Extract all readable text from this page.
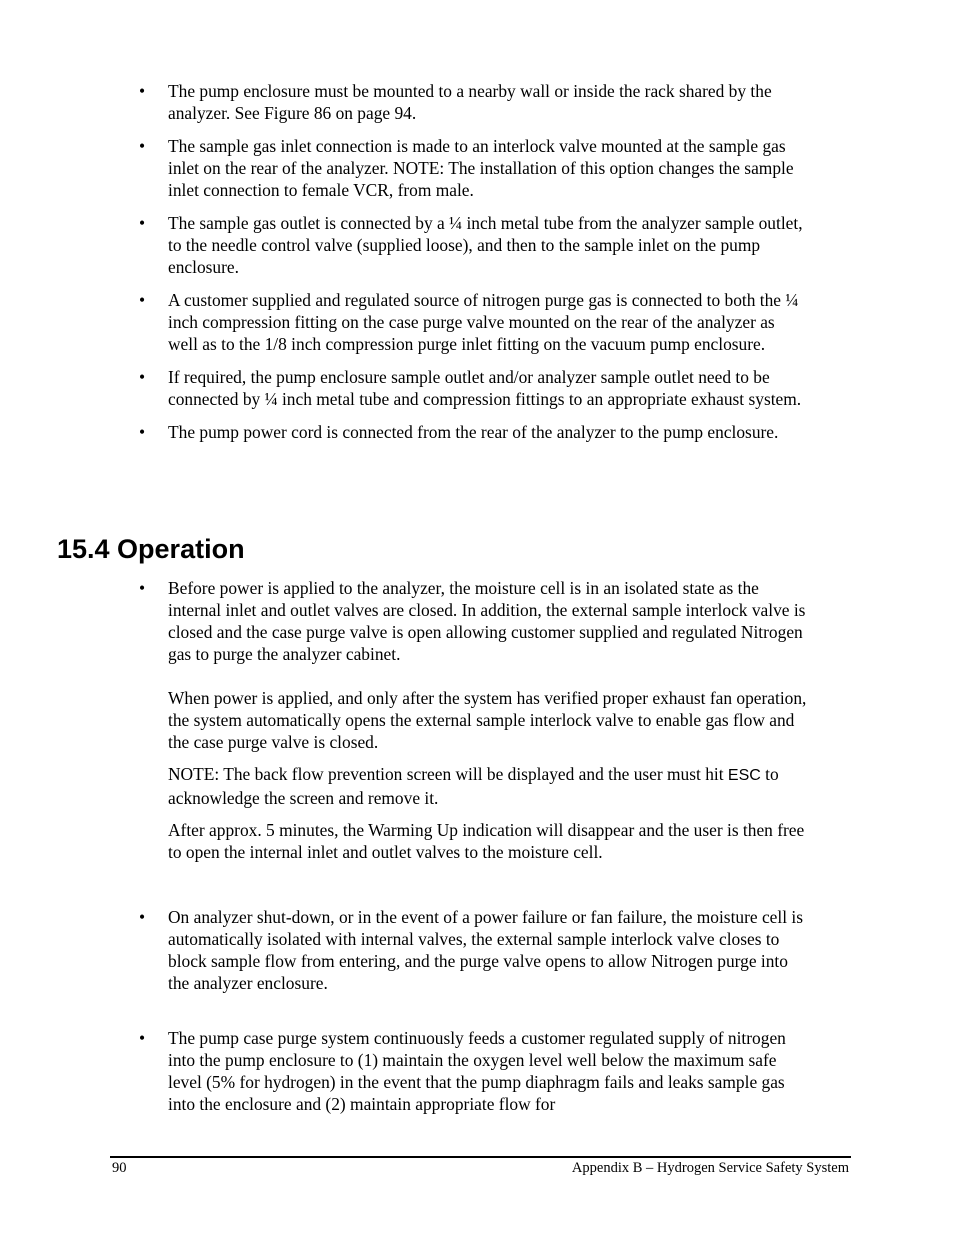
• The pump enclosure must be mounted to a nearby wall or inside the rack shared by the analyzer. See Figure 86 on page 94.

• The sample gas inlet connection is made to an interlock valve mounted at the sample gas inlet on the rear of the analyzer. NOTE: The installation of this option changes the sample inlet connection to female VCR, from male.

• The sample gas outlet is connected by a ¼ inch metal tube from the analyzer sample outlet, to the needle control valve (supplied loose), and then to the sample inlet on the pump enclosure.

• A customer supplied and regulated source of nitrogen purge gas is connected to both the ¼ inch compression fitting on the case purge valve mounted on the rear of the analyzer as well as to the 1/8 inch compression purge inlet fitting on the vacuum pump enclosure.

• If required, the pump enclosure sample outlet and/or analyzer sample outlet need to be connected by ¼ inch metal tube and compression fittings to an appropriate exhaust system.

• The pump power cord is connected from the rear of the analyzer to the pump enclosure.

15.4 Operation
• Before power is applied to the analyzer, the moisture cell is in an isolated state as the internal inlet and outlet valves are closed. In addition, the external sample interlock valve is closed and the case purge valve is open allowing customer supplied and regulated Nitrogen gas to purge the analyzer cabinet.

When power is applied, and only after the system has verified proper exhaust fan operation, the system automatically opens the external sample interlock valve to enable gas flow and the case purge valve is closed.

NOTE: The back flow prevention screen will be displayed and the user must hit ESC to acknowledge the screen and remove it.

After approx. 5 minutes, the Warming Up indication will disappear and the user is then free to open the internal inlet and outlet valves to the moisture cell.

• On analyzer shut-down, or in the event of a power failure or fan failure, the moisture cell is automatically isolated with internal valves, the external sample interlock valve closes to block sample flow from entering, and the purge valve opens to allow Nitrogen purge into the analyzer enclosure.

• The pump case purge system continuously feeds a customer regulated supply of nitrogen into the pump enclosure to (1) maintain the oxygen level well below the maximum safe level (5% for hydrogen) in the event that the pump diaphragm fails and leaks sample gas into the enclosure and (2) maintain appropriate flow for

90	Appendix B – Hydrogen Service Safety System
